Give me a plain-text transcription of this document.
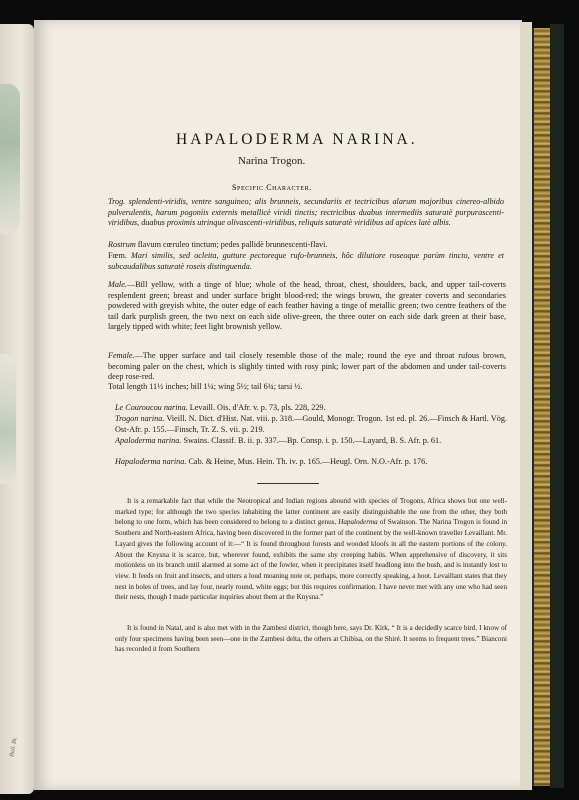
Bull. Br.
HAPALODERMA NARINA.
Narina Trogon.
Specific Character.
Trog. splendenti-viridis, ventre sanguineo; alis brunneis, secundariis et tectricibus alarum majoribus cinereo-albido pulverulentis, harum pogoniis externis metallicè viridi tinctis; rectricibus duabus intermediis saturatè purpurascenti-viridibus, duabus proximis utrinque olivascenti-viridibus, reliquis saturatè viridibus ad apices latè albis.
Rostrum flavum cœruleo tinctum; pedes pallidè brunnescenti-flavi.
Fœm. Mari similis, sed ocleita, gutture pectoreque rufo-brunneis, hôc dilutiore roseoque parùm tincto, ventre et subcaudalibus saturatè roseis distinguenda.
Male.—Bill yellow, with a tinge of blue; whole of the head, throat, chest, shoulders, back, and upper tail-coverts resplendent green; breast and under surface bright blood-red; the wings brown, the greater coverts and secondaries powdered with greyish white, the outer edge of each feather having a tinge of metallic green; two centre feathers of the tail dark purplish green, the two next on each side olive-green, the three outer on each side dark green at their base, largely tipped with white; feet light brownish yellow.
Female.—The upper surface and tail closely resemble those of the male; round the eye and throat rufous brown, becoming paler on the chest, which is slightly tinted with rosy pink; lower part of the abdomen and under tail-coverts deep rose-red.
Total length 11½ inches; bill 1¼; wing 5½; tail 6¾; tarsi ½.
Le Couroucou narina. Levaill. Ois. d'Afr. v. p. 73, pls. 228, 229.
Trogon narina. Vieill. N. Dict. d'Hist. Nat. viii. p. 318.—Gould, Monogr. Trogon. 1st ed. pl. 26.—Finsch & Hartl. Vög. Ost-Afr. p. 155.—Finsch, Tr. Z. S. vii. p. 219.
Apaloderma narina. Swains. Classif. B. ii. p. 337.—Bp. Consp. i. p. 150.—Layard, B. S. Afr. p. 61.
Hapaloderma narina. Cab. & Heine, Mus. Hein. Th. iv. p. 165.—Heugl. Orn. N.O.-Afr. p. 176.
It is a remarkable fact that while the Neotropical and Indian regions abound with species of Trogons, Africa shows but one well-marked type; for although the two species inhabiting the latter continent are easily distinguishable the one from the other, they both belong to one form, which has been considered to belong to a distinct genus, Hapaloderma of Swainson. The Narina Trogon is found in Southern and North-eastern Africa, having been discovered in the former part of the continent by the well-known traveller Levaillant. Mr. Layard gives the following account of it:—“ It is found throughout forests and wooded kloofs in all the eastern portions of the colony. About the Knysna it is scarce, but, wherever found, exhibits the same shy creeping habits. When apprehensive of discovery, it sits motionless on its branch until alarmed at some act of the fowler, when it precipitates itself headlong into the bush, and is instantly lost to view. It feeds on fruit and insects, and utters a loud moaning note or, perhaps, more correctly speaking, a hoot. Levaillant states that they nest in holes of trees, and lay four, nearly round, white eggs; but this requires confirmation. I have never met with any one who had seen their nests, though I made particular inquiries about them at the Knysna.”
It is found in Natal, and is also met with in the Zambesi district, though here, says Dr. Kirk, “ It is a decidedly scarce bird. I know of only four specimens having been seen—one in the Zambesi delta, the others at Chibisa, on the Shiré. It seems to frequent trees.” Bianconi has recorded it from Southern
